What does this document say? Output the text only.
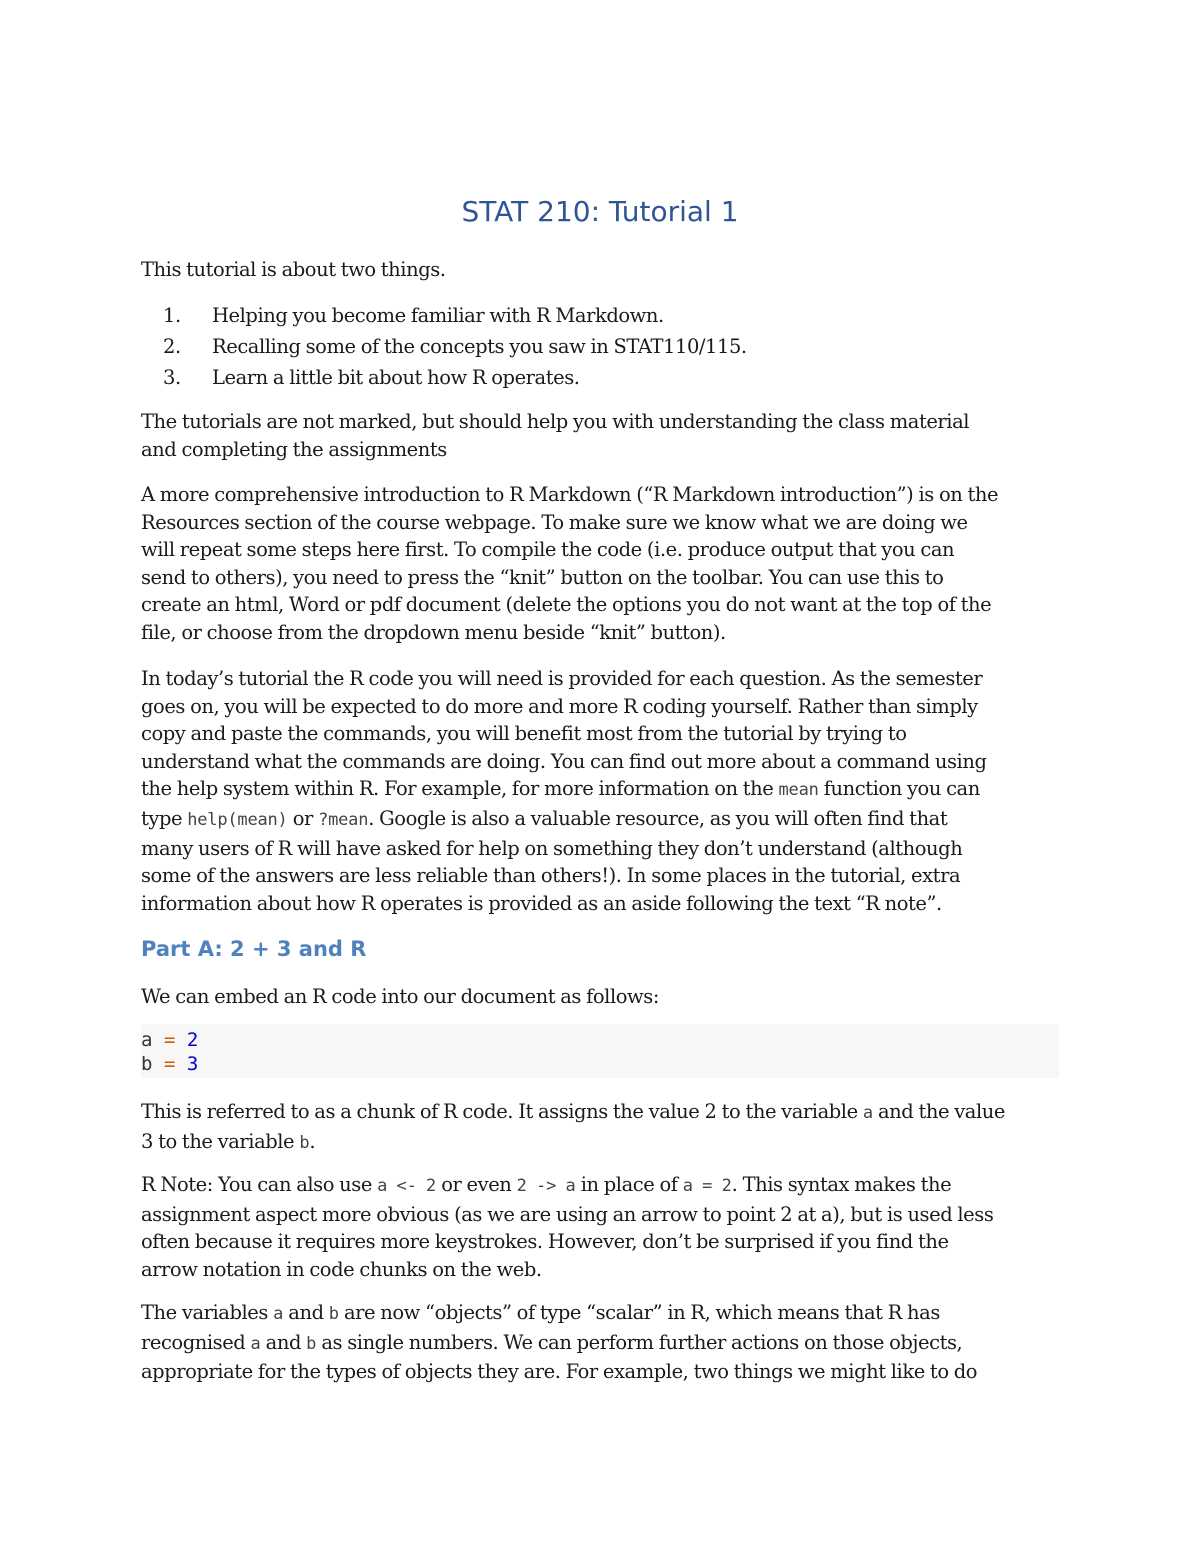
STAT 210: Tutorial 1
This tutorial is about two things.
1. Helping you become familiar with R Markdown.
2. Recalling some of the concepts you saw in STAT110/115.
3. Learn a little bit about how R operates.
The tutorials are not marked, but should help you with understanding the class material
and completing the assignments
A more comprehensive introduction to R Markdown (“R Markdown introduction”) is on the
Resources section of the course webpage. To make sure we know what we are doing we
will repeat some steps here first. To compile the code (i.e. produce output that you can
send to others), you need to press the “knit” button on the toolbar. You can use this to
create an html, Word or pdf document (delete the options you do not want at the top of the
file, or choose from the dropdown menu beside “knit” button).
In today’s tutorial the R code you will need is provided for each question. As the semester
goes on, you will be expected to do more and more R coding yourself. Rather than simply
copy and paste the commands, you will benefit most from the tutorial by trying to
understand what the commands are doing. You can find out more about a command using
the help system within R. For example, for more information on the mean function you can
type help(mean) or ?mean. Google is also a valuable resource, as you will often find that
many users of R will have asked for help on something they don’t understand (although
some of the answers are less reliable than others!). In some places in the tutorial, extra
information about how R operates is provided as an aside following the text “R note”.
Part A: 2 + 3 and R
We can embed an R code into our document as follows:
a = 2
b = 3
This is referred to as a chunk of R code. It assigns the value 2 to the variable a and the value
3 to the variable b.
R Note: You can also use a <- 2 or even 2 -> a in place of a = 2. This syntax makes the
assignment aspect more obvious (as we are using an arrow to point 2 at a), but is used less
often because it requires more keystrokes. However, don’t be surprised if you find the
arrow notation in code chunks on the web.
The variables a and b are now “objects” of type “scalar” in R, which means that R has
recognised a and b as single numbers. We can perform further actions on those objects,
appropriate for the types of objects they are. For example, two things we might like to do
